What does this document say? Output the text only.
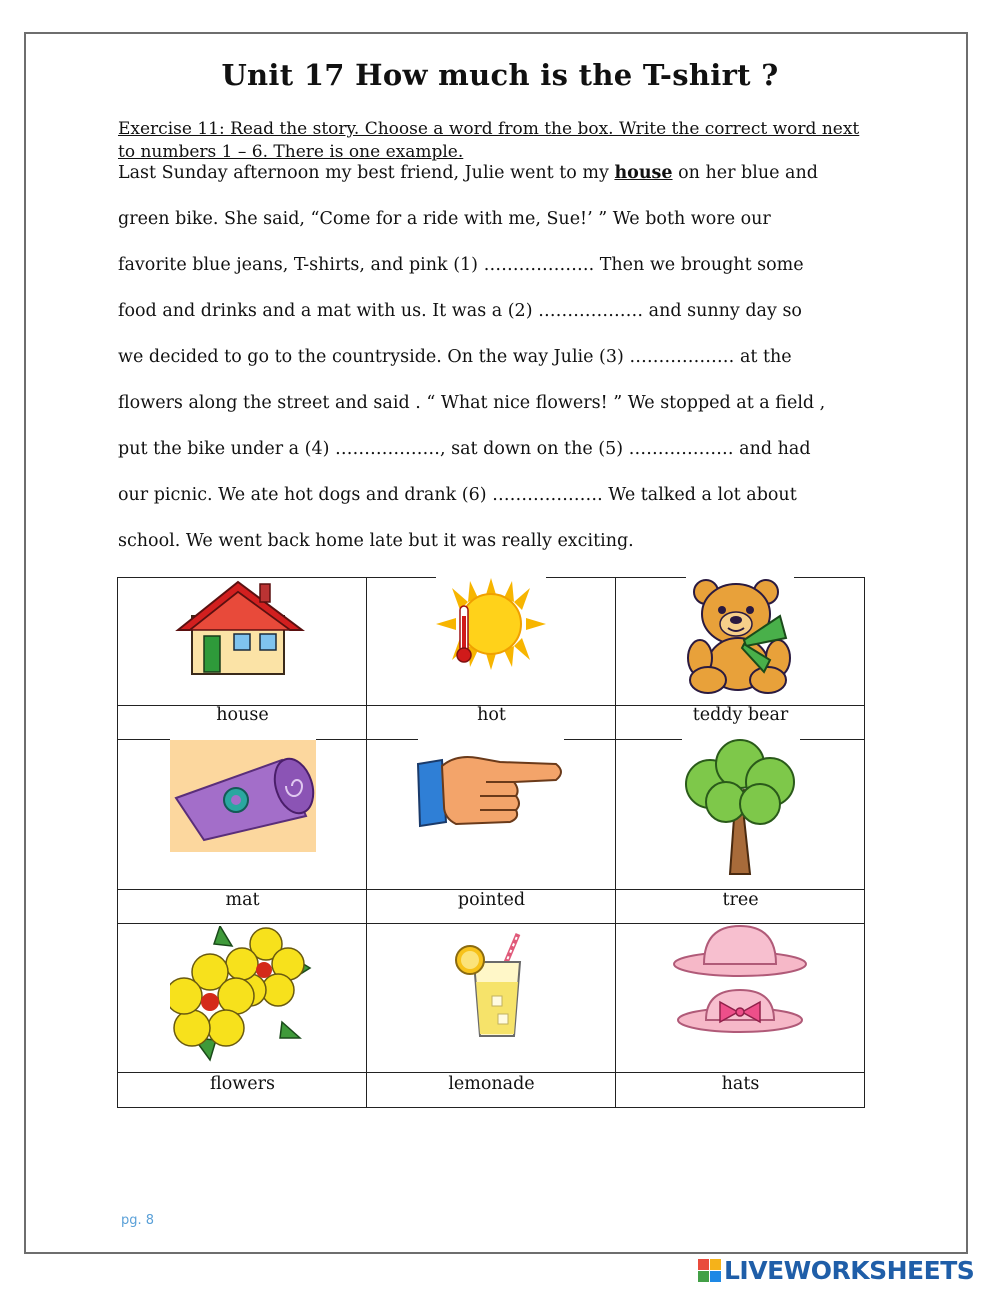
Unit 17 How much is the T-shirt ?
Exercise 11: Read the story. Choose a word from the box. Write the correct word next to numbers 1 – 6. There is one example.
Last Sunday afternoon my best friend, Julie went to my house on her blue and
green bike. She said, “Come for a ride with me, Sue!’ ” We both wore our
favorite blue jeans, T-shirts, and pink (1) ………………. Then we brought some
food and drinks and a mat with us. It was a (2) ……………… and sunny day so
we decided to go to the countryside. On the way Julie (3) ……………… at the
flowers along the street and said . “ What nice flowers! ” We stopped at a field ,
put the bike under a (4) ………………, sat down on the (5) ……………… and had
our picnic. We ate hot dogs and drank (6) ………………. We talked a lot about
school. We went back home late but it was really exciting.
house	hot	teddy bear
mat	pointed	tree
flowers	lemonade	hats
pg. 8
LIVEWORKSHEETS
